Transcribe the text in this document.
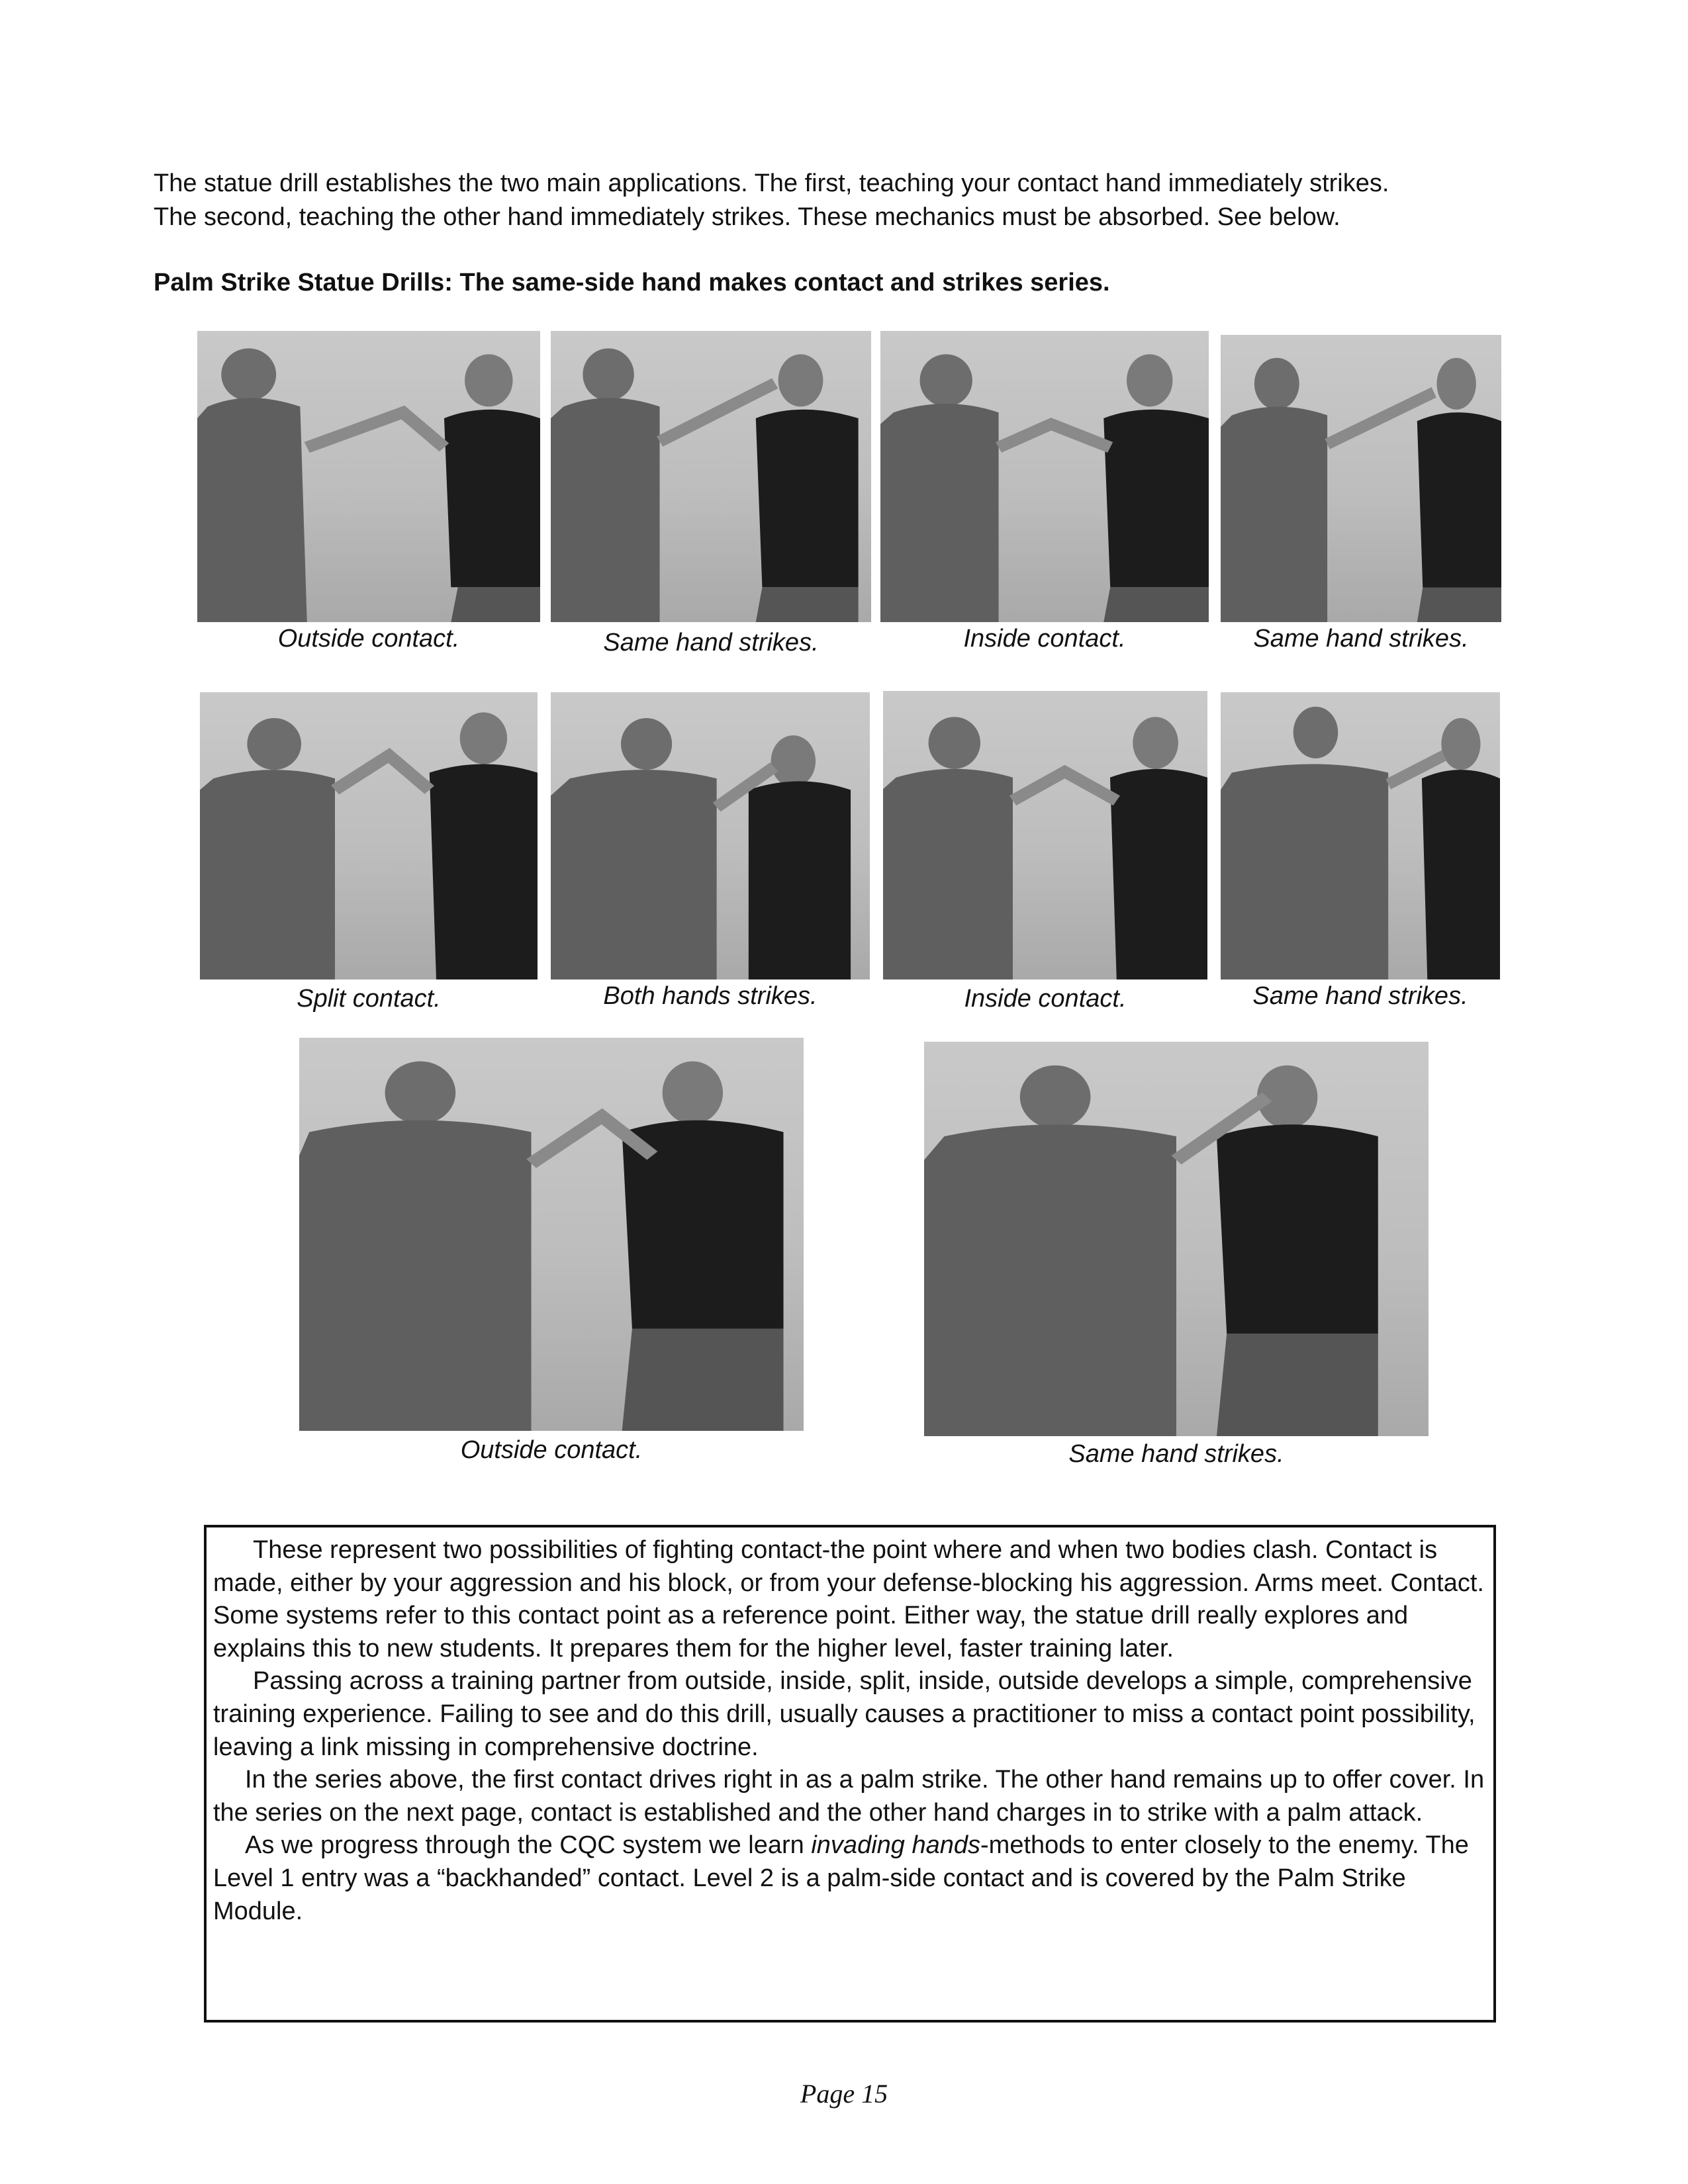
The statue drill establishes the two main applications. The first, teaching your contact hand immediately strikes.

The second, teaching the other hand immediately strikes. These mechanics must be absorbed. See below.

Palm Strike Statue Drills: The same-side hand makes contact and strikes series.

Outside contact.	Same hand strikes.	Inside contact.	Same hand strikes.

Split contact.	Both hands strikes.	Inside contact.	Same hand strikes.

Outside contact.	Same hand strikes.

These represent two possibilities of fighting contact-the point where and when two bodies clash. Contact is made, either by your aggression and his block, or from your defense-blocking his aggression. Arms meet. Contact. Some systems refer to this contact point as a reference point. Either way, the statue drill really explores and explains this to new students. It prepares them for the higher level, faster training later.

Passing across a training partner from outside, inside, split, inside, outside develops a simple, comprehensive training experience. Failing to see and do this drill, usually causes a practitioner to miss a contact point possibility, leaving a link missing in comprehensive doctrine.

In the series above, the first contact drives right in as a palm strike. The other hand remains up to offer cover. In the series on the next page, contact is established and the other hand charges in to strike with a palm attack.

As we progress through the CQC system we learn invading hands-methods to enter closely to the enemy. The Level 1 entry was a “backhanded” contact. Level 2 is a palm-side contact and is covered by the Palm Strike Module.

Page 15
